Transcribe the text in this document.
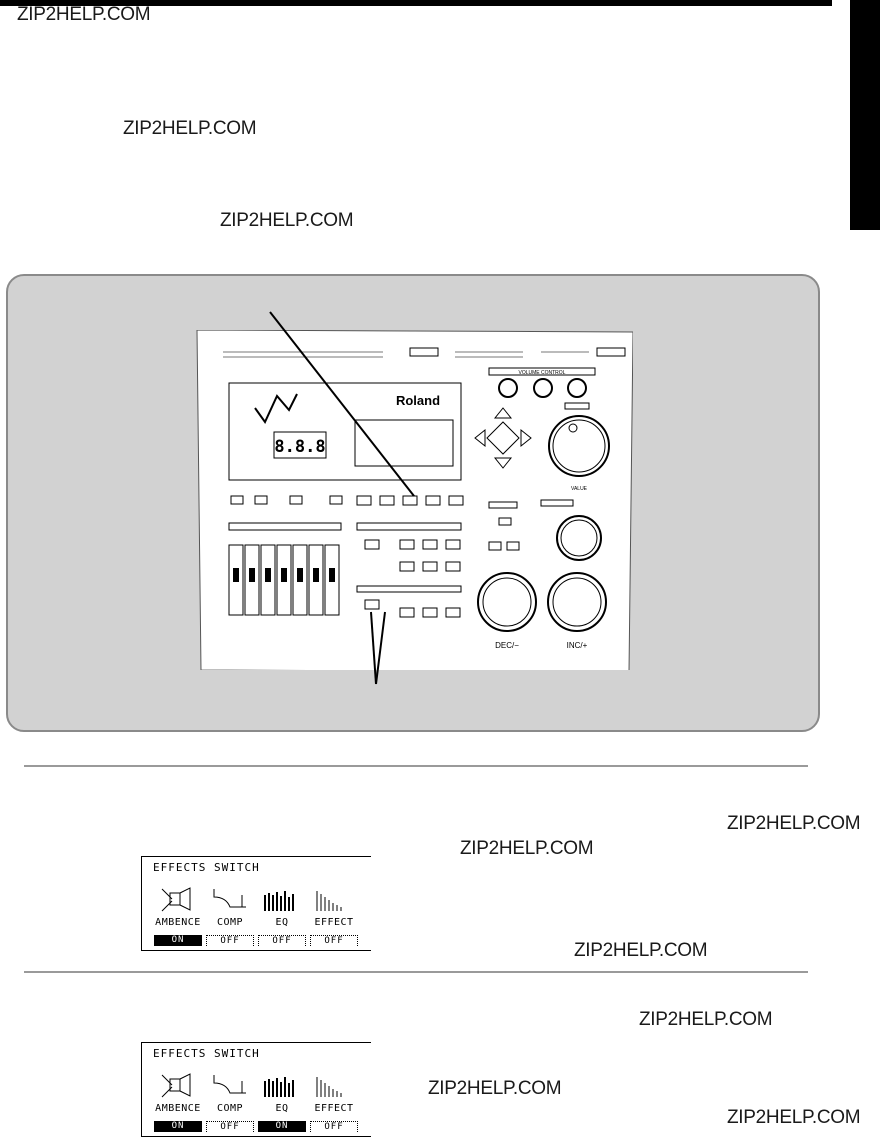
ZIP2HELP.COM
ZIP2HELP.COM
ZIP2HELP.COM
VOLUME CONTROL
Roland
8.8.8
VALUE
DEC/−	INC/+
ZIP2HELP.COM
ZIP2HELP.COM
ZIP2HELP.COM
ZIP2HELP.COM
ZIP2HELP.COM
ZIP2HELP.COM
EFFECTS SWITCH
AMBENCE	COMP	EQ	EFFECT
ON	OFF	OFF	OFF
EFFECTS SWITCH
AMBENCE	COMP	EQ	EFFECT
ON	OFF	ON	OFF
